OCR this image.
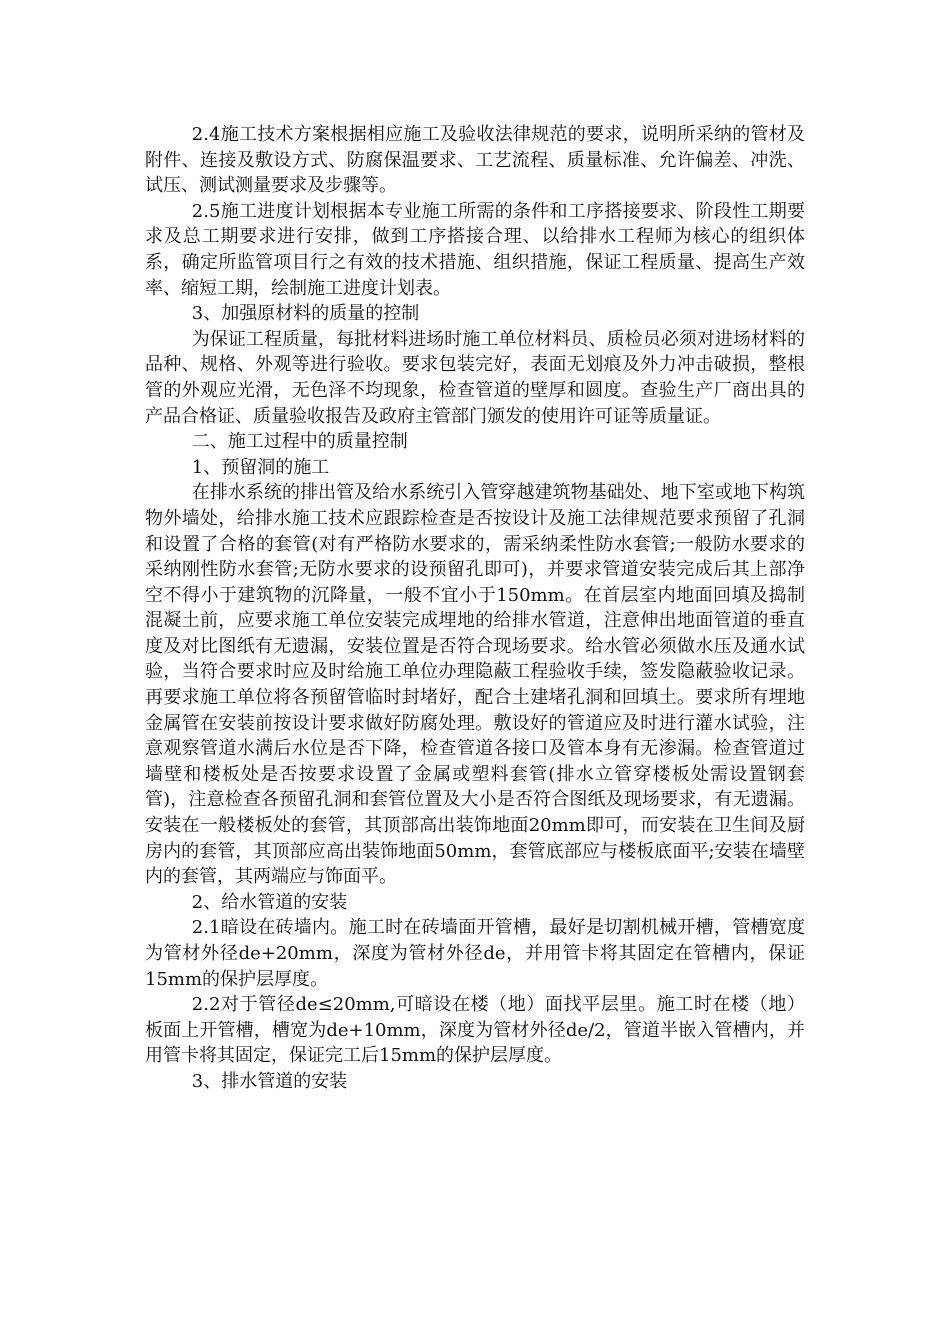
2.4施工技术方案根据相应施工及验收法律规范的要求，说明所采纳的管材及附件、连接及敷设方式、防腐保温要求、工艺流程、质量标准、允许偏差、冲洗、试压、测试测量要求及步骤等。

2.5施工进度计划根据本专业施工所需的条件和工序搭接要求、阶段性工期要求及总工期要求进行安排，做到工序搭接合理、以给排水工程师为核心的组织体系，确定所监管项目行之有效的技术措施、组织措施，保证工程质量、提高生产效率、缩短工期，绘制施工进度计划表。

3、加强原材料的质量的控制

为保证工程质量，每批材料进场时施工单位材料员、质检员必须对进场材料的品种、规格、外观等进行验收。要求包装完好，表面无划痕及外力冲击破损，整根管的外观应光滑，无色泽不均现象，检查管道的壁厚和圆度。查验生产厂商出具的产品合格证、质量验收报告及政府主管部门颁发的使用许可证等质量证。

二、施工过程中的质量控制

1、预留洞的施工

在排水系统的排出管及给水系统引入管穿越建筑物基础处、地下室或地下构筑物外墙处，给排水施工技术应跟踪检查是否按设计及施工法律规范要求预留了孔洞和设置了合格的套管(对有严格防水要求的，需采纳柔性防水套管;一般防水要求的采纳刚性防水套管;无防水要求的设预留孔即可)，并要求管道安装完成后其上部净空不得小于建筑物的沉降量，一般不宜小于150mm。在首层室内地面回填及捣制混凝土前，应要求施工单位安装完成埋地的给排水管道，注意伸出地面管道的垂直度及对比图纸有无遗漏，安装位置是否符合现场要求。给水管必须做水压及通水试验，当符合要求时应及时给施工单位办理隐蔽工程验收手续，签发隐蔽验收记录。再要求施工单位将各预留管临时封堵好，配合土建堵孔洞和回填土。要求所有埋地金属管在安装前按设计要求做好防腐处理。敷设好的管道应及时进行灌水试验，注意观察管道水满后水位是否下降，检查管道各接口及管本身有无渗漏。检查管道过墙壁和楼板处是否按要求设置了金属或塑料套管(排水立管穿楼板处需设置钢套管)，注意检查各预留孔洞和套管位置及大小是否符合图纸及现场要求，有无遗漏。安装在一般楼板处的套管，其顶部高出装饰地面20mm即可，而安装在卫生间及厨房内的套管，其顶部应高出装饰地面50mm，套管底部应与楼板底面平;安装在墙壁内的套管，其两端应与饰面平。

2、给水管道的安装

2.1暗设在砖墙内。施工时在砖墙面开管槽，最好是切割机械开槽，管槽宽度为管材外径de+20mm，深度为管材外径de，并用管卡将其固定在管槽内，保证15mm的保护层厚度。

2.2对于管径de≤20mm,可暗设在楼（地）面找平层里。施工时在楼（地）板面上开管槽，槽宽为de+10mm，深度为管材外径de/2，管道半嵌入管槽内，并用管卡将其固定，保证完工后15mm的保护层厚度。

3、排水管道的安装
